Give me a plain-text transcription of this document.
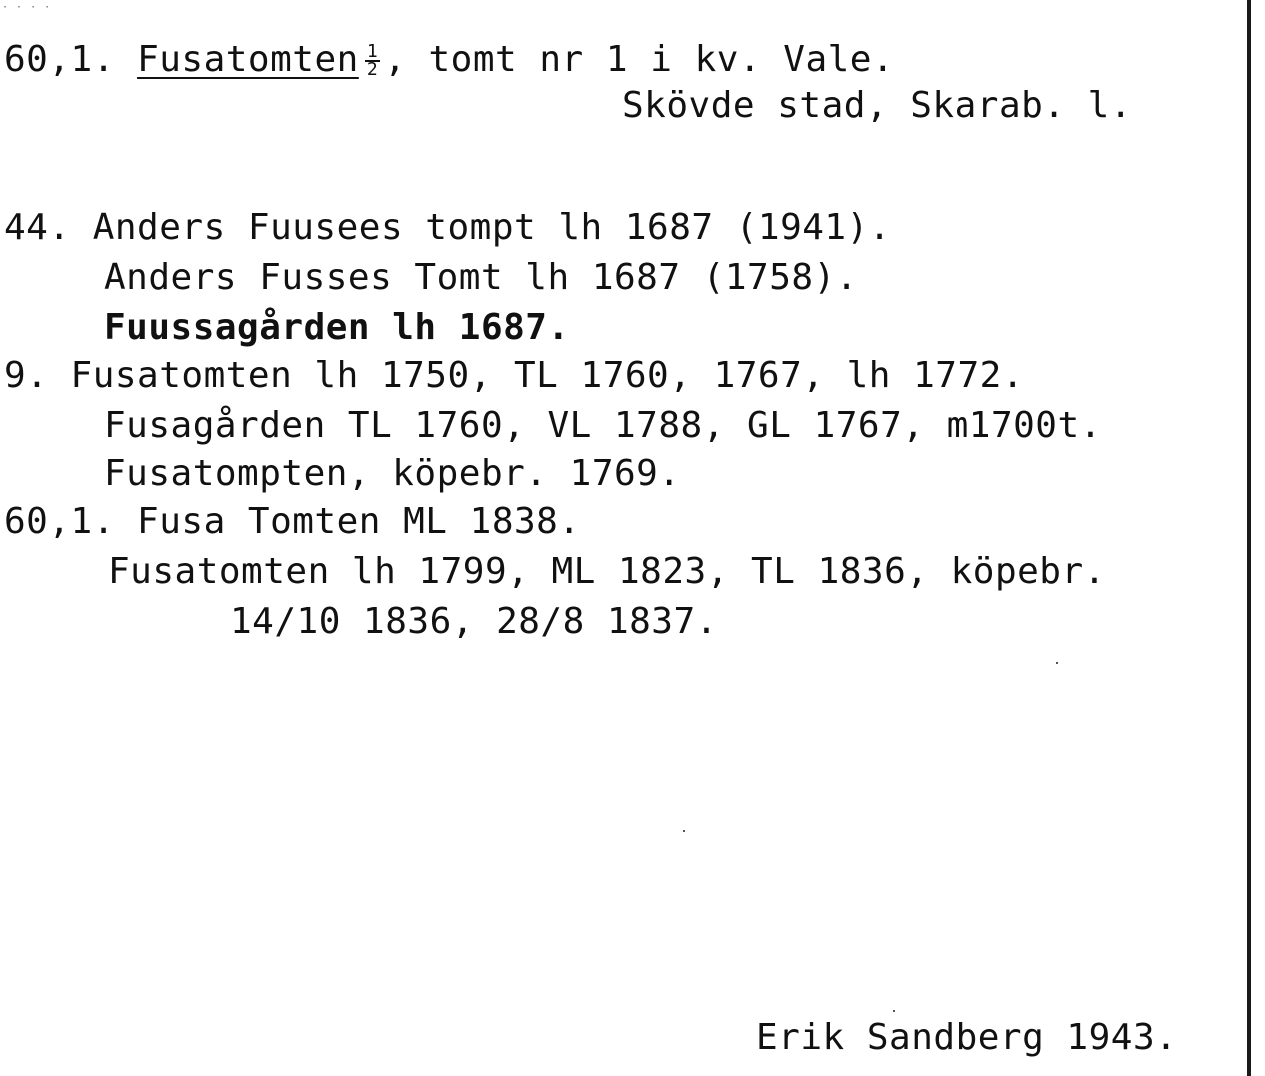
· · · ·
60,1. Fusatomten $\frac{1}{2}$ , tomt nr 1 i kv. Vale.
Skövde stad, Skarab. l.
44​. Anders Fuusees tompt lh 1687 (1941).
Anders Fusses Tomt lh 1687 (1758).
Fuussagården lh 1687.
9​. Fusatomten lh 1750, TL 1760, 1767, lh 1772.
Fusagården TL 1760, VL 1788, GL 1767, m1700t.
Fusatompten, köpebr. 1769.
60​,1. Fusa Tomten ML 1838.
Fusatomten lh 1799, ML 1823, TL 1836, köpebr.
14/10 1836, 28/8 1837.
Erik Sandberg 1943.
